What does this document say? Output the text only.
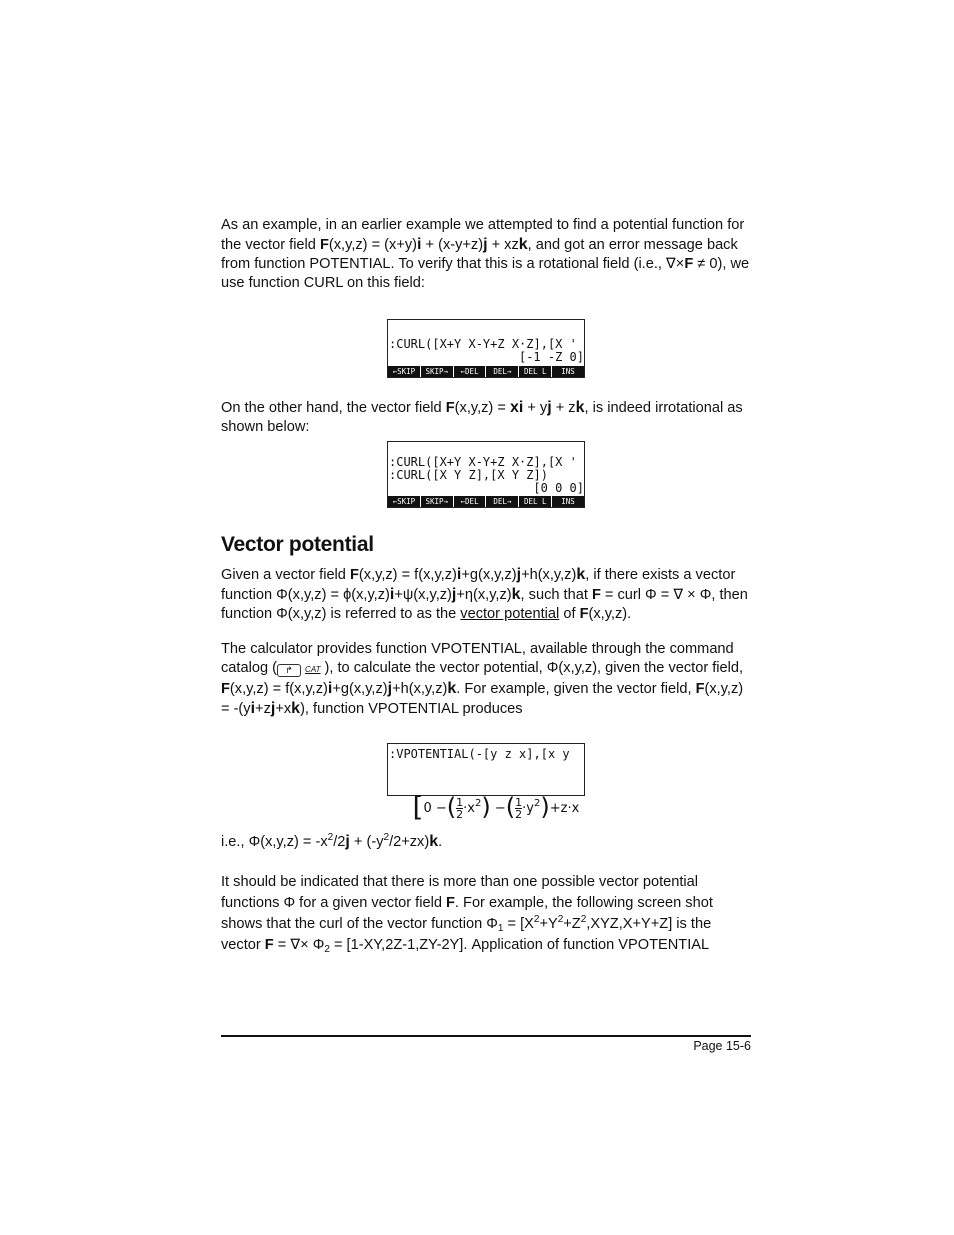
As an example, in an earlier example we attempted to find a potential function for the vector field F(x,y,z) = (x+y)i + (x-y+z)j + xzk, and got an error message back from function POTENTIAL. To verify that this is a rotational field (i.e., ∇×F ≠ 0), we use function CURL on this field:

:CURL([X+Y X-Y+Z X·Z],[X '
[-1 -Z 0]
←SKIP	SKIP→	←DEL	DEL→	DEL L	INS

On the other hand, the vector field F(x,y,z) = xi + yj + zk, is indeed irrotational as shown below:

:CURL([X+Y X-Y+Z X·Z],[X '
:CURL([X Y Z],[X Y Z])
[0 0 0]
←SKIP	SKIP→	←DEL	DEL→	DEL L	INS
Vector potential

Given a vector field F(x,y,z) = f(x,y,z)i+g(x,y,z)j+h(x,y,z)k, if there exists a vector function Φ(x,y,z) = ϕ(x,y,z)i+ψ(x,y,z)j+η(x,y,z)k, such that F = curl Φ = ∇ × Φ, then function Φ(x,y,z) is referred to as the vector potential of F(x,y,z).

The calculator provides function VPOTENTIAL, available through the command catalog ( ↱ CAT ), to calculate the vector potential, Φ(x,y,z), given the vector field, F(x,y,z) = f(x,y,z)i+g(x,y,z)j+h(x,y,z)k. For example, given the vector field, F(x,y,z) = -(yi+zj+xk), function VPOTENTIAL produces

:VPOTENTIAL(-[y z x],[x y

[0 −( $\frac{1}{2} \cdot x^2$) −( $\frac{1}{2} \cdot y^2)+z\cdot x$

i.e., $\Phi(x,y,z) = -x^2/2j + (-y^2/2+zx)k$.

It should be indicated that there is more than one possible vector potential functions Φ for a given vector field F. For example, the following screen shot shows that the curl of the vector function $\Phi_1 = [X^2+Y^2+Z^2,XYZ,X+Y+Z]$ is the vector F = ∇× $\Phi_2 = [1-XY,2Z-1,ZY-2Y]$. Application of function VPOTENTIAL

Page 15-6
